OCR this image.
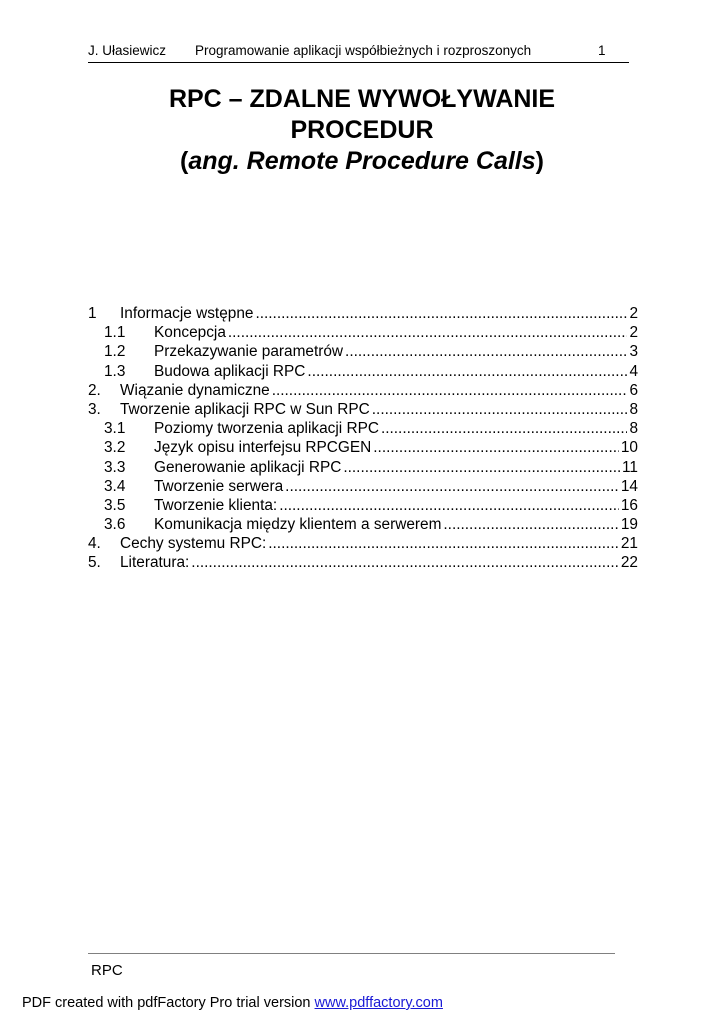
J. Ułasiewicz Programowanie aplikacji współbieżnych i rozproszonych	1
RPC – ZDALNE WYWOŁYWANIE
PROCEDUR
(ang. Remote Procedure Calls)
1 Informacje wstępne .....	2
1.1 Koncepcja .....	2
1.2 Przekazywanie parametrów .....	3
1.3 Budowa aplikacji RPC .....	4
2. Wiązanie dynamiczne .....	6
3. Tworzenie aplikacji RPC w Sun RPC .....	8
3.1 Poziomy tworzenia aplikacji RPC .....	8
3.2 Język opisu interfejsu RPCGEN .....	10
3.3 Generowanie aplikacji RPC .....	11
3.4 Tworzenie serwera .....	14
3.5 Tworzenie klienta: .....	16
3.6 Komunikacja między klientem a serwerem .....	19
4. Cechy systemu RPC: .....	21
5. Literatura: .....	22
RPC
PDF created with pdfFactory Pro trial version www.pdffactory.com
